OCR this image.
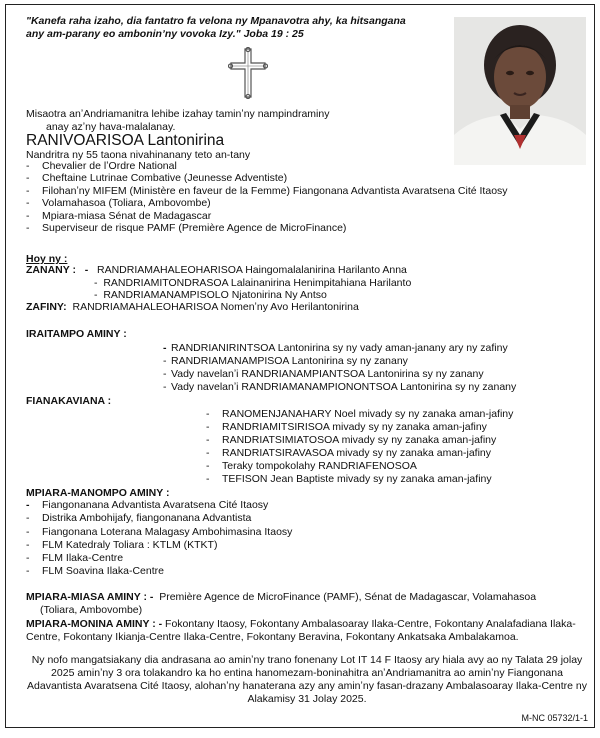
"Kanefa raha izaho, dia fantatro fa velona ny Mpanavotra ahy, ka hitsangana any am-parany eo amboninʼny vovoka Izy." Joba 19 : 25
Misaotra anʼAndriamanitra lehibe izahay taminʼny nampindraminy
anay azʼny hava-malalanay.
RANIVOARISOA Lantonirina
Nandritra ny 55 taona nivahinanany teto an-tany
-	Chevalier de lʼOrdre National
-	Cheftaine Lutrinae Combative (Jeunesse Adventiste)
-	Filohanʼny MIFEM (Ministère en faveur de la Femme) Fiangonana Advantista Avaratsena Cité Itaosy
-	Volamahasoa (Toliara, Ambovombe)
-	Mpiara-miasa Sénat de Madagascar
-	Superviseur de risque PAMF (Première Agence de MicroFinance)
Hoy ny :
ZANANY : - RANDRIAMAHALEOHARISOA Haingomalalanirina Harilanto Anna
-  RANDRIAMITONDRASOA Lalainanirina Henimpitahiana Harilanto
-  RANDRIAMANAMPISOLO Njatonirina Ny Antso
ZAFINY: RANDRIAMAHALEOHARISOA Nomenʼny Avo Herilantonirina
IRAITAMPO AMINY :
- RANDRIANIRINTSOA Lantonirina sy ny vady aman-janany ary ny zafiny
- RANDRIAMANAMPISOA Lantonirina sy ny zanany
- Vady navelanʼi RANDRIANAMPIANTSOA Lantonirina sy ny zanany
- Vady navelanʼi RANDRIAMANAMPIONONTSOA Lantonirina sy ny zanany
FIANAKAVIANA :
-	RANOMENJANAHARY Noel mivady sy ny zanaka aman-jafiny
-	RANDRIAMITSIRISOA mivady sy ny zanaka aman-jafiny
-	RANDRIATSIMIATOSOA mivady sy ny zanaka aman-jafiny
-	RANDRIATSIRAVASOA mivady sy ny zanaka aman-jafiny
-	Teraky tompokolahy RANDRIAFENOSOA
-	TEFISON Jean Baptiste mivady sy ny zanaka aman-jafiny
MPIARA-MANOMPO AMINY :
-	Fiangonanana Advantista Avaratsena Cité Itaosy
-	Distrika Ambohijafy, fiangonanana Advantista
-	Fiangonana Loterana Malagasy Ambohimasina Itaosy
-	FLM Katedraly Toliara : KTLM (KTKT)
-	FLM Ilaka-Centre
-	FLM Soavina Ilaka-Centre
MPIARA-MIASA AMINY : - Première Agence de MicroFinance (PAMF), Sénat de Madagascar, Volamahasoa
(Toliara, Ambovombe)
MPIARA-MONINA AMINY : - Fokontany Itaosy, Fokontany Ambalasoaray Ilaka-Centre, Fokontany Analafadiana Ilaka-Centre, Fokontany Ikianja-Centre Ilaka-Centre, Fokontany Beravina, Fokontany Ankatsaka Ambalakamoa.
Ny nofo mangatsiakany dia andrasana ao aminʼny trano fonenany Lot IT 14 F Itaosy ary hiala avy ao ny Talata 29 jolay 2025 aminʼny 3 ora tolakandro ka ho entina hanomezam-boninahitra anʼAndriamanitra ao aminʼny Fiangonana Adavantista Avaratsena Cité Itaosy, alohanʼny hanaterana azy any aminʼny fasan-drazany Ambalasoaray Ilaka-Centre ny Alakamisy 31 Jolay 2025.
M-NC 05732/1-1
